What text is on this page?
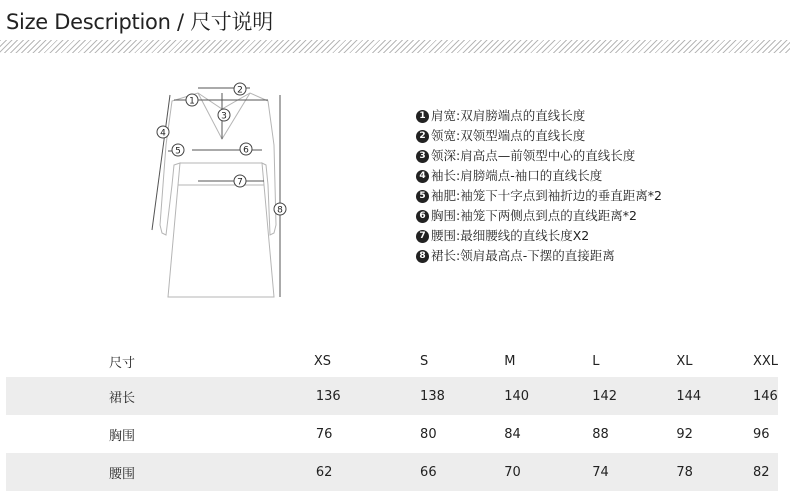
Size Description / 尺寸说明
1
2
3
4
5	6
7
8
1 肩宽: 双肩膀端点的直线长度
2 领宽: 双领型端点的直线长度
3 领深: 肩高点—前领型中心的直线长度
4 袖长: 肩膀端点-袖口的直线长度
5 袖肥: 袖笼下十字点到袖折边的垂直距离*2
6 胸围: 袖笼下两侧点到点的直线距离*2
7 腰围: 最细腰线的直线长度X2
8 裙长: 领肩最高点-下摆的直接距离
尺寸	XS	S	M	L	XL	XXL
裙长	136	138	140	142	144	146
胸围	76	80	84	88	92	96
腰围	62	66	70	74	78	82
